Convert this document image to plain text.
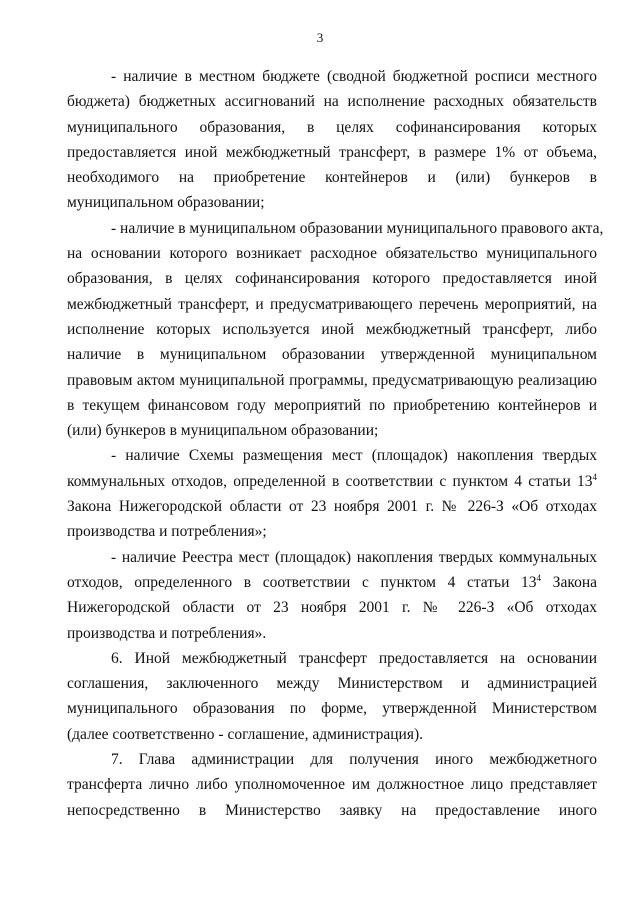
3
- наличие в местном бюджете (сводной бюджетной росписи местного
бюджета) бюджетных ассигнований на исполнение расходных обязательств
муниципального образования, в целях софинансирования которых
предоставляется иной межбюджетный трансферт, в размере 1% от объема,
необходимого на приобретение контейнеров и (или) бункеров в
муниципальном образовании;
- наличие в муниципальном образовании муниципального правового акта,
на основании которого возникает расходное обязательство муниципального
образования, в целях софинансирования которого предоставляется иной
межбюджетный трансферт, и предусматривающего перечень мероприятий, на
исполнение которых используется иной межбюджетный трансферт, либо
наличие в муниципальном образовании утвержденной муниципальном
правовым актом муниципальной программы, предусматривающую реализацию
в текущем финансовом году мероприятий по приобретению контейнеров и
(или) бункеров в муниципальном образовании;
- наличие Схемы размещения мест (площадок) накопления твердых
коммунальных отходов, определенной в соответствии с пунктом 4 статьи $13^4$
Закона Нижегородской области от 23 ноября 2001 г. № 226-З «Об отходах
производства и потребления»;
- наличие Реестра мест (площадок) накопления твердых коммунальных
отходов, определенного в соответствии с пунктом 4 статьи $13^4$ Закона
Нижегородской области от 23 ноября 2001 г. № 226-З «Об отходах
производства и потребления».
6. Иной межбюджетный трансферт предоставляется на основании
соглашения, заключенного между Министерством и администрацией
муниципального образования по форме, утвержденной Министерством
(далее соответственно - соглашение, администрация).
7. Глава администрации для получения иного межбюджетного
трансферта лично либо уполномоченное им должностное лицо представляет
непосредственно в Министерство заявку на предоставление иного
